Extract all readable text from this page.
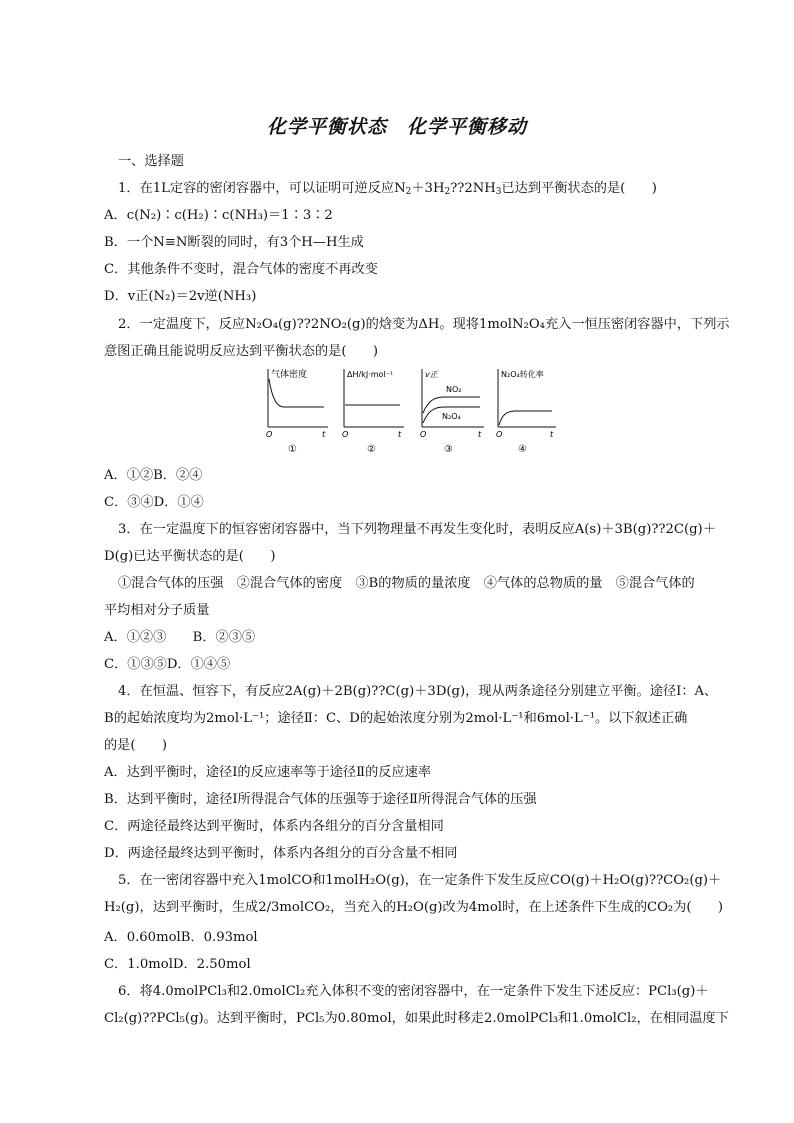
化学平衡状态　化学平衡移动
一、选择题
1．在1L定容的密闭容器中，可以证明可逆反应$N_2+3H_2??2NH_3$已达到平衡状态的是(　　)
A．c(N₂)∶c(H₂)∶c(NH₃)＝1∶3∶2
B．一个N≡N断裂的同时，有3个H—H生成
C．其他条件不变时，混合气体的密度不再改变
D．v正(N₂)＝2v逆(NH₃)
2．一定温度下，反应N₂O₄(g)??2NO₂(g)的焓变为ΔH。现将1molN₂O₄充入一恒压密闭容器中，下列示
意图正确且能说明反应达到平衡状态的是(　　)
气体密度
O	t
①
ΔH/kJ·mol⁻¹
O	t
②
v正
NO₂
N₂O₄
O	t
③
N₂O₄转化率
O	t
④
A．①②B．②④
C．③④D．①④
3．在一定温度下的恒容密闭容器中，当下列物理量不再发生变化时，表明反应A(s)＋3B(g)??2C(g)＋
D(g)已达平衡状态的是(　　)
①混合气体的压强　②混合气体的密度　③B的物质的量浓度　④气体的总物质的量　⑤混合气体的
平均相对分子质量
A．①②③　　B．②③⑤
C．①③⑤D．①④⑤
4．在恒温、恒容下，有反应2A(g)＋2B(g)??C(g)＋3D(g)，现从两条途径分别建立平衡。途径Ⅰ：A、
B的起始浓度均为2mol·L⁻¹；途径Ⅱ：C、D的起始浓度分别为2mol·L⁻¹和6mol·L⁻¹。以下叙述正确
的是(　　)
A．达到平衡时，途径Ⅰ的反应速率等于途径Ⅱ的反应速率
B．达到平衡时，途径Ⅰ所得混合气体的压强等于途径Ⅱ所得混合气体的压强
C．两途径最终达到平衡时，体系内各组分的百分含量相同
D．两途径最终达到平衡时，体系内各组分的百分含量不相同
5．在一密闭容器中充入1molCO和1molH₂O(g)，在一定条件下发生反应CO(g)＋H₂O(g)??CO₂(g)＋
H₂(g)，达到平衡时，生成2/3molCO₂，当充入的H₂O(g)改为4mol时，在上述条件下生成的CO₂为(　　)
A．0.60molB．0.93mol
C．1.0molD．2.50mol
6．将4.0molPCl₃和2.0molCl₂充入体积不变的密闭容器中，在一定条件下发生下述反应：PCl₃(g)＋
Cl₂(g)??PCl₅(g)。达到平衡时，PCl₅为0.80mol，如果此时移走2.0molPCl₃和1.0molCl₂，在相同温度下
